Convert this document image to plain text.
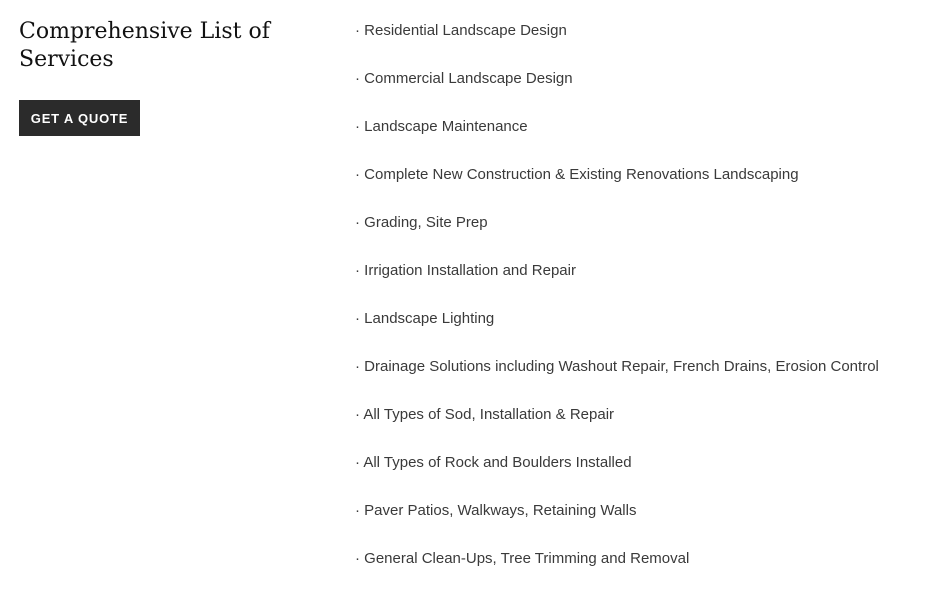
Comprehensive List of Services
GET A QUOTE
· Residential Landscape Design
· Commercial Landscape Design
· Landscape Maintenance
· Complete New Construction & Existing Renovations Landscaping
· Grading, Site Prep
· Irrigation Installation and Repair
· Landscape Lighting
· Drainage Solutions including Washout Repair, French Drains, Erosion Control
· All Types of Sod, Installation & Repair
· All Types of Rock and Boulders Installed
· Paver Patios, Walkways, Retaining Walls
· General Clean-Ups, Tree Trimming and Removal
